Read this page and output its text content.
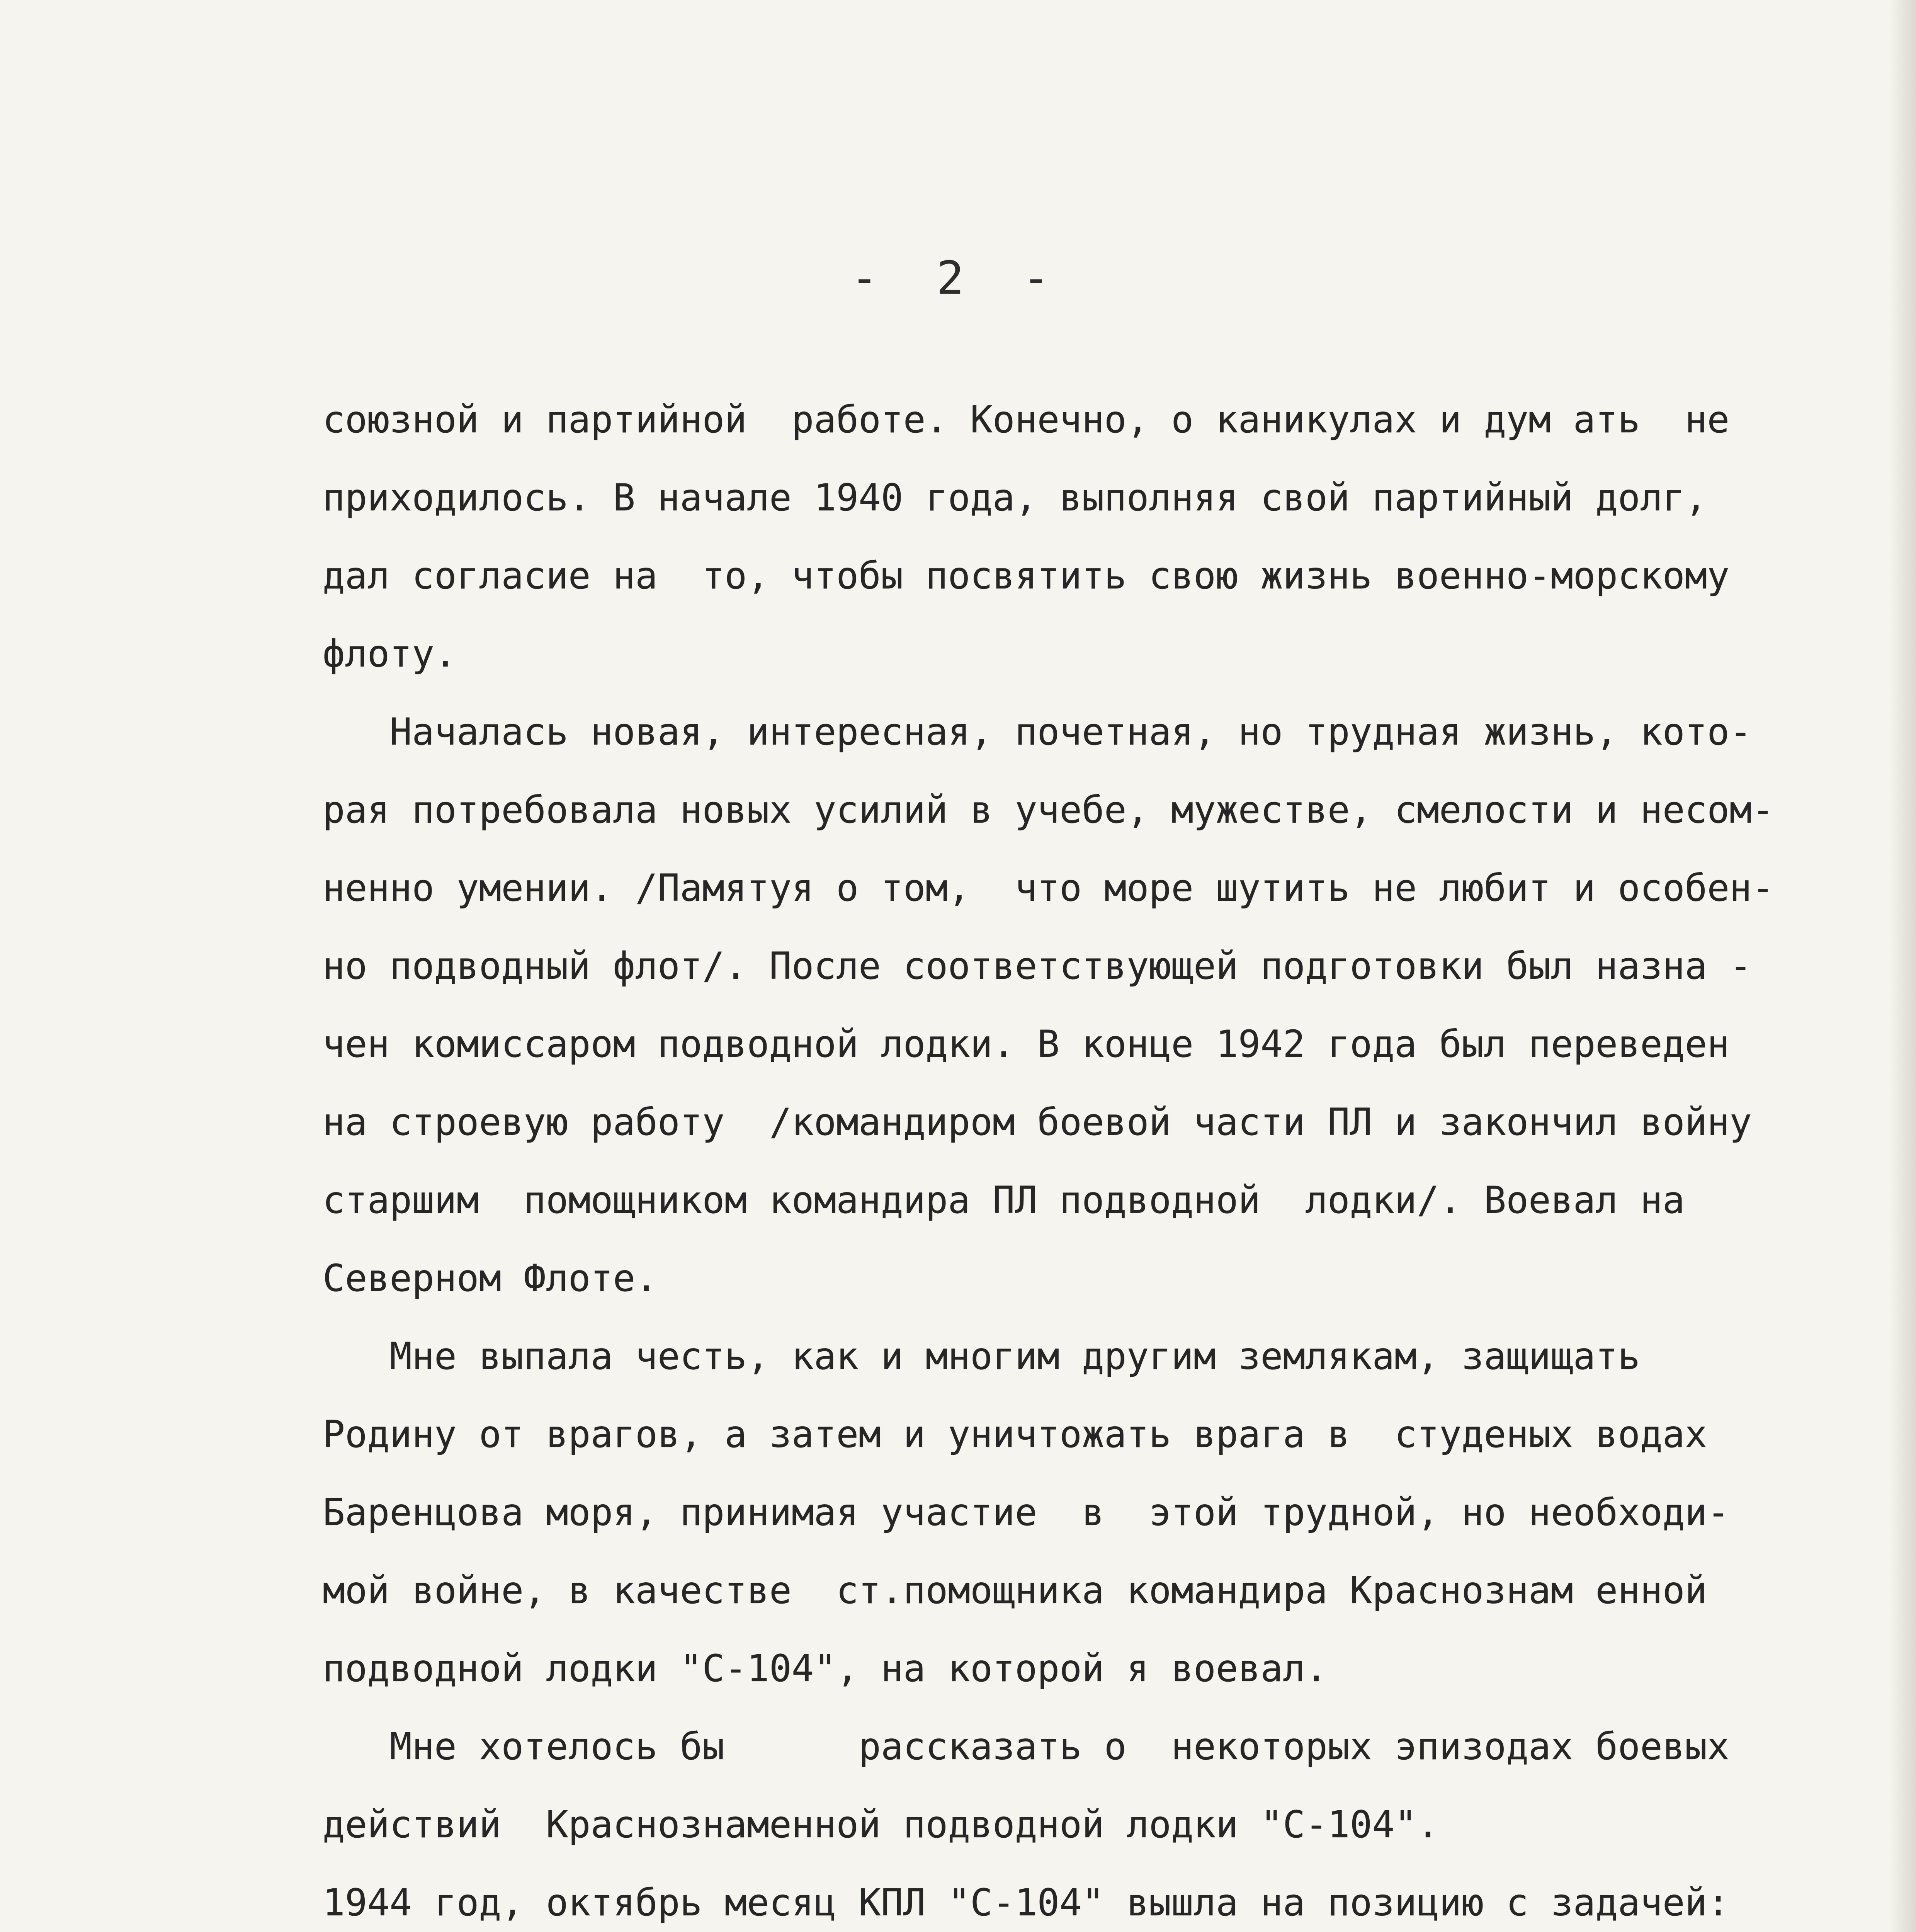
- 2 -
союзной и партийной  работе. Конечно, о каникулах и дум ать  не
приходилось. В начале 1940 года, выполняя свой партийный долг,
дал согласие на  то, чтобы посвятить свою жизнь военно-морскому
флоту.
Началась новая, интересная, почетная, но трудная жизнь, кото-
рая потребовала новых усилий в учебе, мужестве, смелости и несом-
ненно умении. /Памятуя о том,  что море шутить не любит и особен-
но подводный флот/. После соответствующей подготовки был назна -
чен комиссаром подводной лодки. В конце 1942 года был переведен
на строевую работу  /командиром боевой части ПЛ и закончил войну
старшим  помощником командира ПЛ подводной  лодки/. Воевал на
Северном Флоте.
Мне выпала честь, как и многим другим землякам, защищать
Родину от врагов, а затем и уничтожать врага в  студеных водах
Баренцова моря, принимая участие  в  этой трудной, но необходи-
мой войне, в качестве  ст.помощника командира Краснознам енной
подводной лодки "С-104", на которой я воевал.
Мне хотелось бы      рассказать о  некоторых эпизодах боевых
действий  Краснознаменной подводной лодки "С-104".
1944 год, октябрь месяц КПЛ "С-104" вышла на позицию с задачей:
